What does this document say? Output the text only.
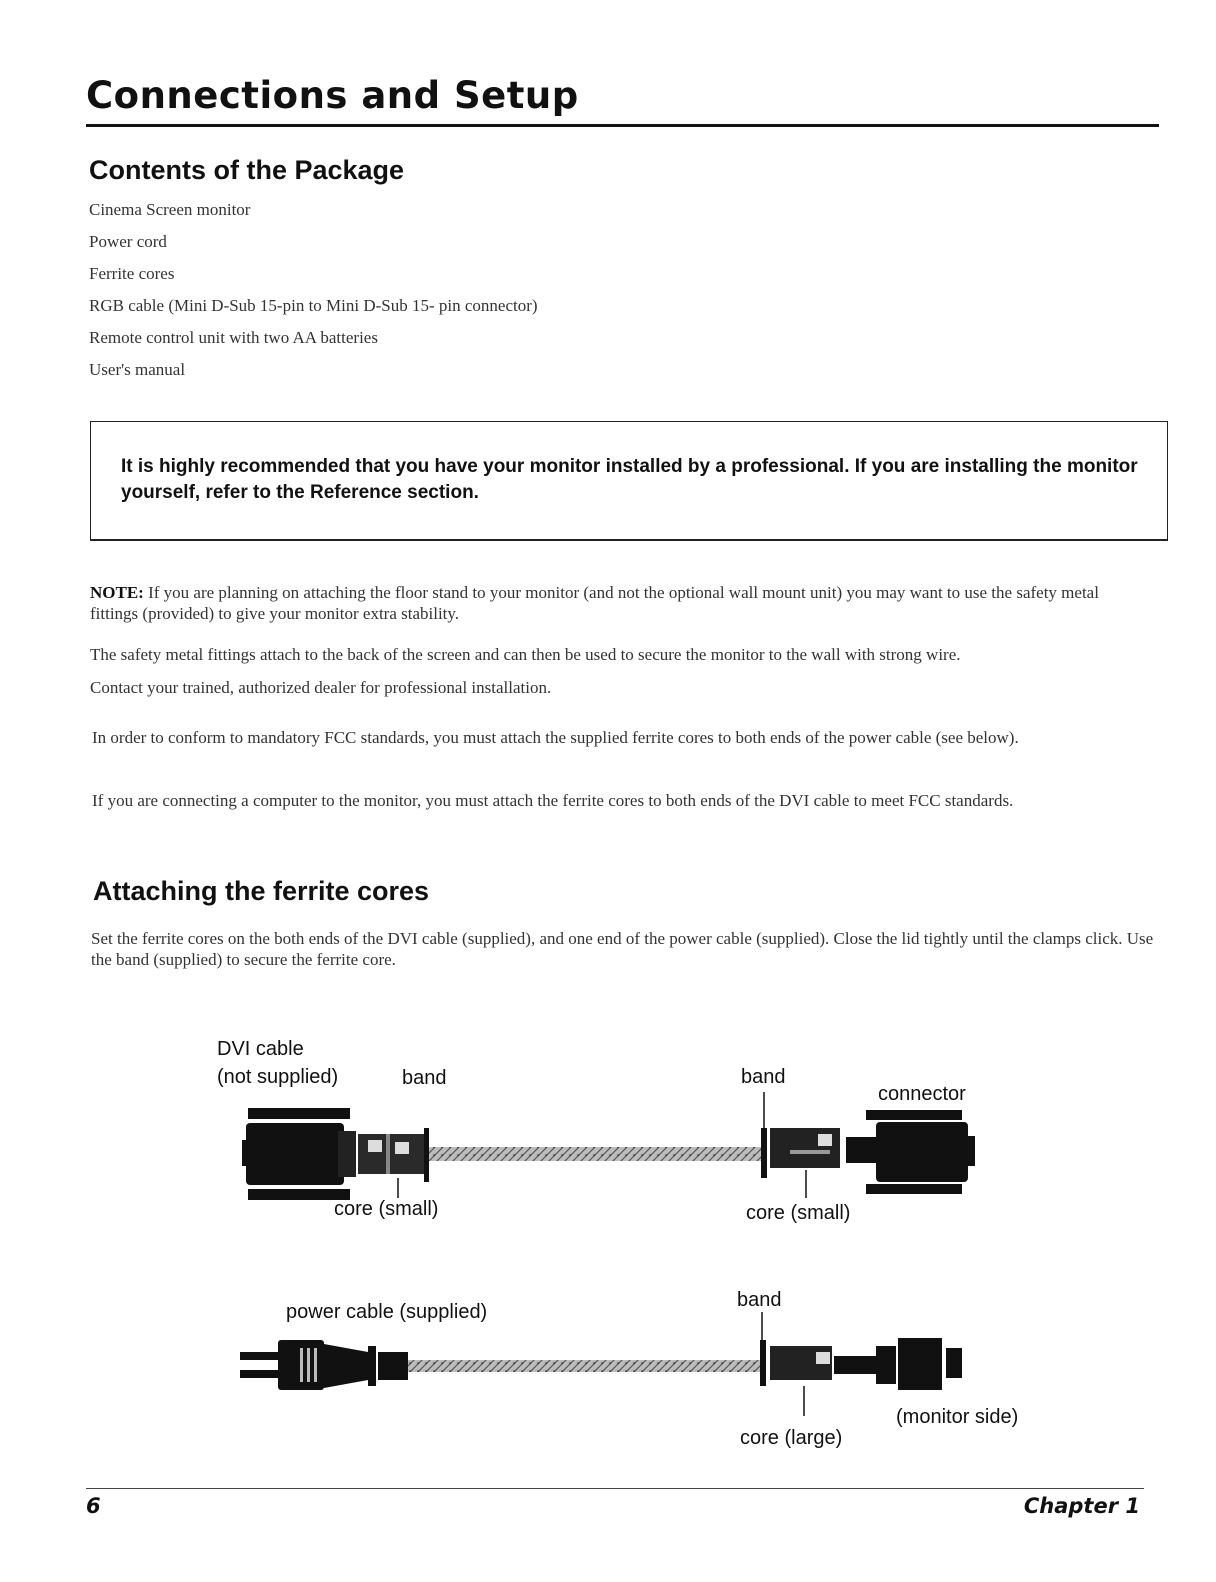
Connections and Setup
Contents of the Package
Cinema Screen monitor
Power cord
Ferrite cores
RGB cable (Mini D-Sub 15-pin to Mini D-Sub 15- pin connector)
Remote control unit with two AA batteries
User's manual
It is highly recommended that you have your monitor installed by a professional. If you are installing the monitor yourself, refer to the Reference section.
NOTE: If you are planning on attaching the floor stand to your monitor (and not the optional wall mount unit) you may want to use the safety metal fittings (provided) to give your monitor extra stability.
The safety metal fittings attach to the back of the screen and can then be used to secure the monitor to the wall with strong wire.
Contact your trained, authorized dealer for professional installation.
In order to conform to mandatory FCC standards, you must attach the supplied ferrite cores to both ends of the power cable (see below).
If you are connecting a computer to the monitor, you must attach the ferrite cores to both ends of the DVI cable to meet FCC standards.
Attaching the ferrite cores
Set the ferrite cores on the both ends of the DVI cable (supplied), and one end of the power cable (supplied). Close the lid tightly until the clamps click. Use the band (supplied) to secure the ferrite core.
DVI cable
(not supplied)	band	band
connector
core (small)	core (small)
power cable (supplied)
band
core (large)
(monitor side)
6	Chapter 1
